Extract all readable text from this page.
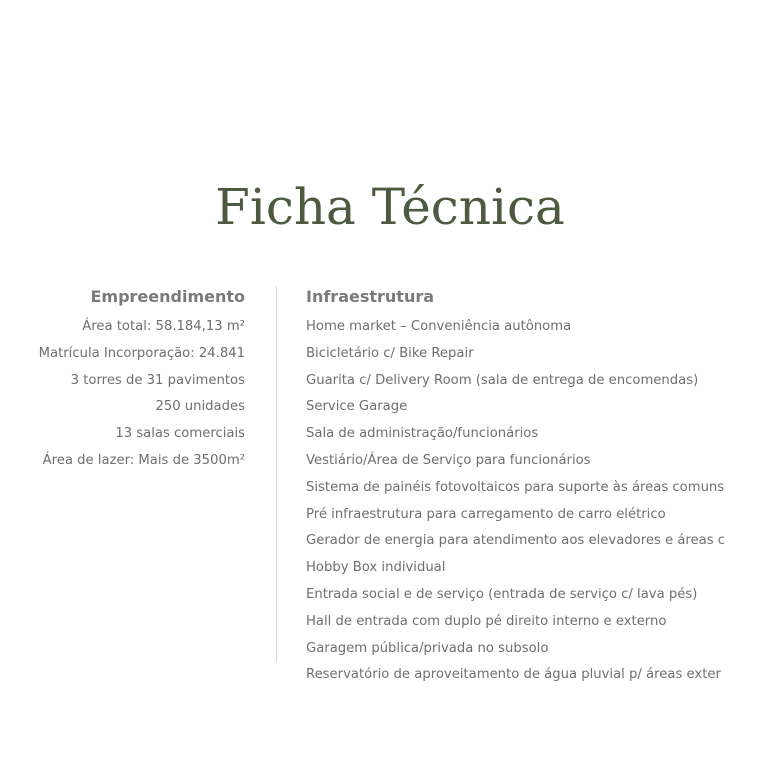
Ficha Técnica
Empreendimento
Área total: 58.184,13 m²
Matrícula Incorporação: 24.841
3 torres de 31 pavimentos
250 unidades
13 salas comerciais
Área de lazer: Mais de 3500m²
Infraestrutura
Home market – Conveniência autônoma
Bicicletário c/ Bike Repair
Guarita c/ Delivery Room (sala de entrega de encomendas)
Service Garage
Sala de administração/funcionários
Vestiário/Área de Serviço para funcionários
Sistema de painéis fotovoltaicos para suporte às áreas comuns
Pré infraestrutura para carregamento de carro elétrico
Gerador de energia para atendimento aos elevadores e áreas c
Hobby Box individual
Entrada social e de serviço (entrada de serviço c/ lava pés)
Hall de entrada com duplo pé direito interno e externo
Garagem pública/privada no subsolo
Reservatório de aproveitamento de água pluvial p/ áreas exter
